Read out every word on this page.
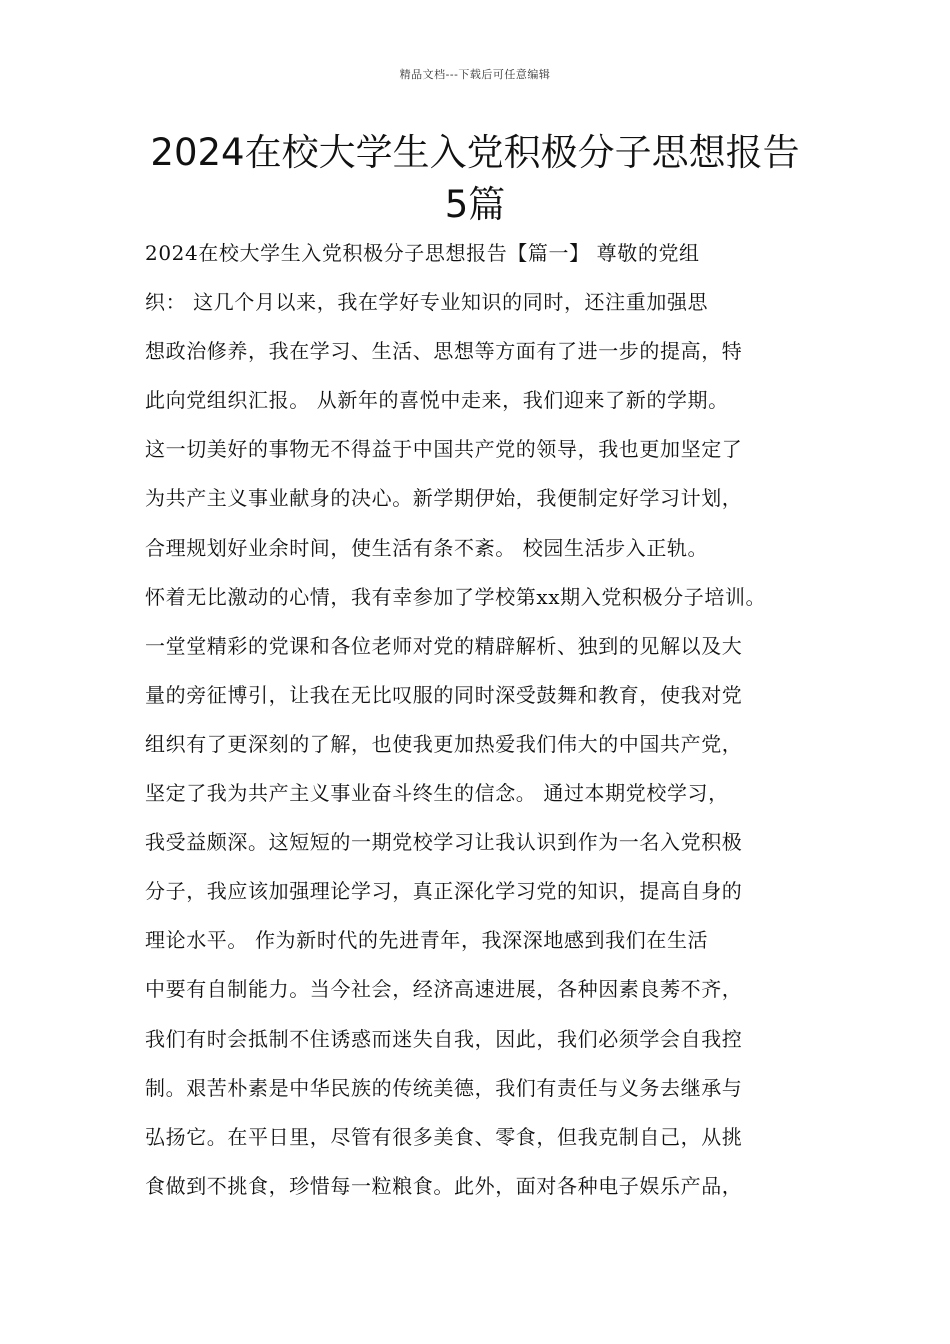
精品文档---下载后可任意编辑
2024在校大学生入党积极分子思想报告
5篇
2024在校大学生入党积极分子思想报告【篇一】 尊敬的党组
织： 这几个月以来，我在学好专业知识的同时，还注重加强思
想政治修养，我在学习、生活、思想等方面有了进一步的提高，特
此向党组织汇报。 从新年的喜悦中走来，我们迎来了新的学期。
这一切美好的事物无不得益于中国共产党的领导，我也更加坚定了
为共产主义事业献身的决心。新学期伊始，我便制定好学习计划，
合理规划好业余时间，使生活有条不紊。 校园生活步入正轨。
怀着无比激动的心情，我有幸参加了学校第xx期入党积极分子培训。
一堂堂精彩的党课和各位老师对党的精辟解析、独到的见解以及大
量的旁征博引，让我在无比叹服的同时深受鼓舞和教育，使我对党
组织有了更深刻的了解，也使我更加热爱我们伟大的中国共产党，
坚定了我为共产主义事业奋斗终生的信念。 通过本期党校学习，
我受益颇深。这短短的一期党校学习让我认识到作为一名入党积极
分子，我应该加强理论学习，真正深化学习党的知识，提高自身的
理论水平。 作为新时代的先进青年，我深深地感到我们在生活
中要有自制能力。当今社会，经济高速进展，各种因素良莠不齐，
我们有时会抵制不住诱惑而迷失自我，因此，我们必须学会自我控
制。艰苦朴素是中华民族的传统美德，我们有责任与义务去继承与
弘扬它。在平日里，尽管有很多美食、零食，但我克制自己，从挑
食做到不挑食，珍惜每一粒粮食。此外，面对各种电子娱乐产品，
